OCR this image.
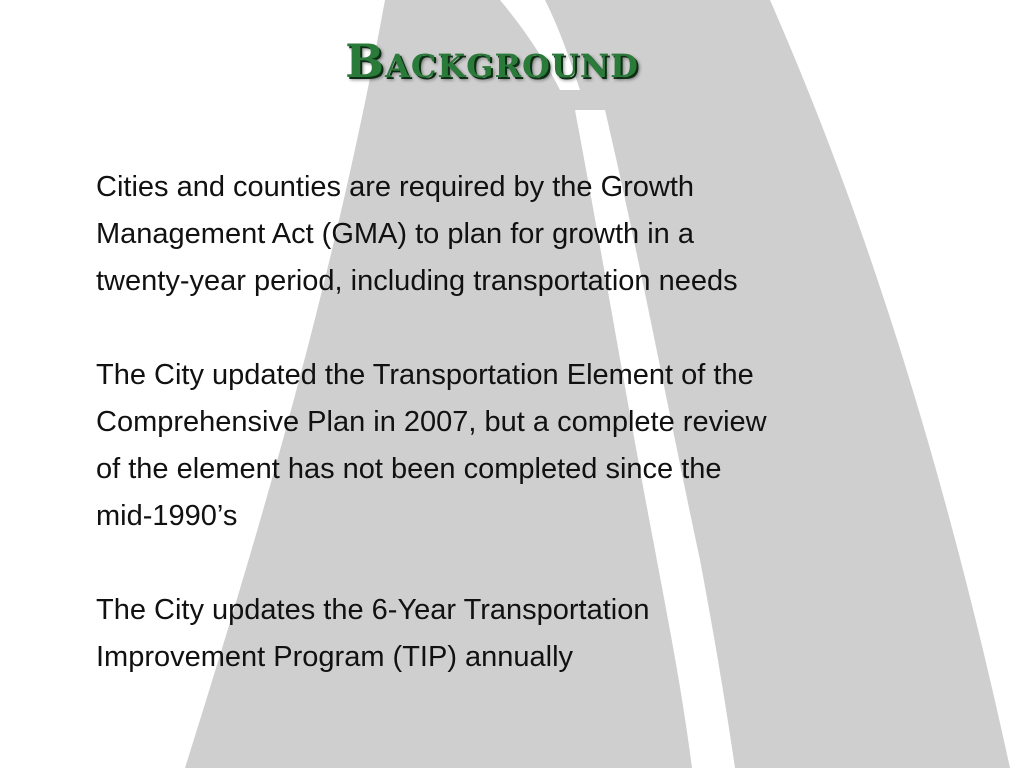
Background

Cities and counties are required by the Growth
Management Act (GMA) to plan for growth in a
twenty-year period, including transportation needs

The City updated the Transportation Element of the
Comprehensive Plan in 2007, but a complete review
of the element has not been completed since the
mid-1990’s

The City updates the 6-Year Transportation
Improvement Program (TIP) annually
